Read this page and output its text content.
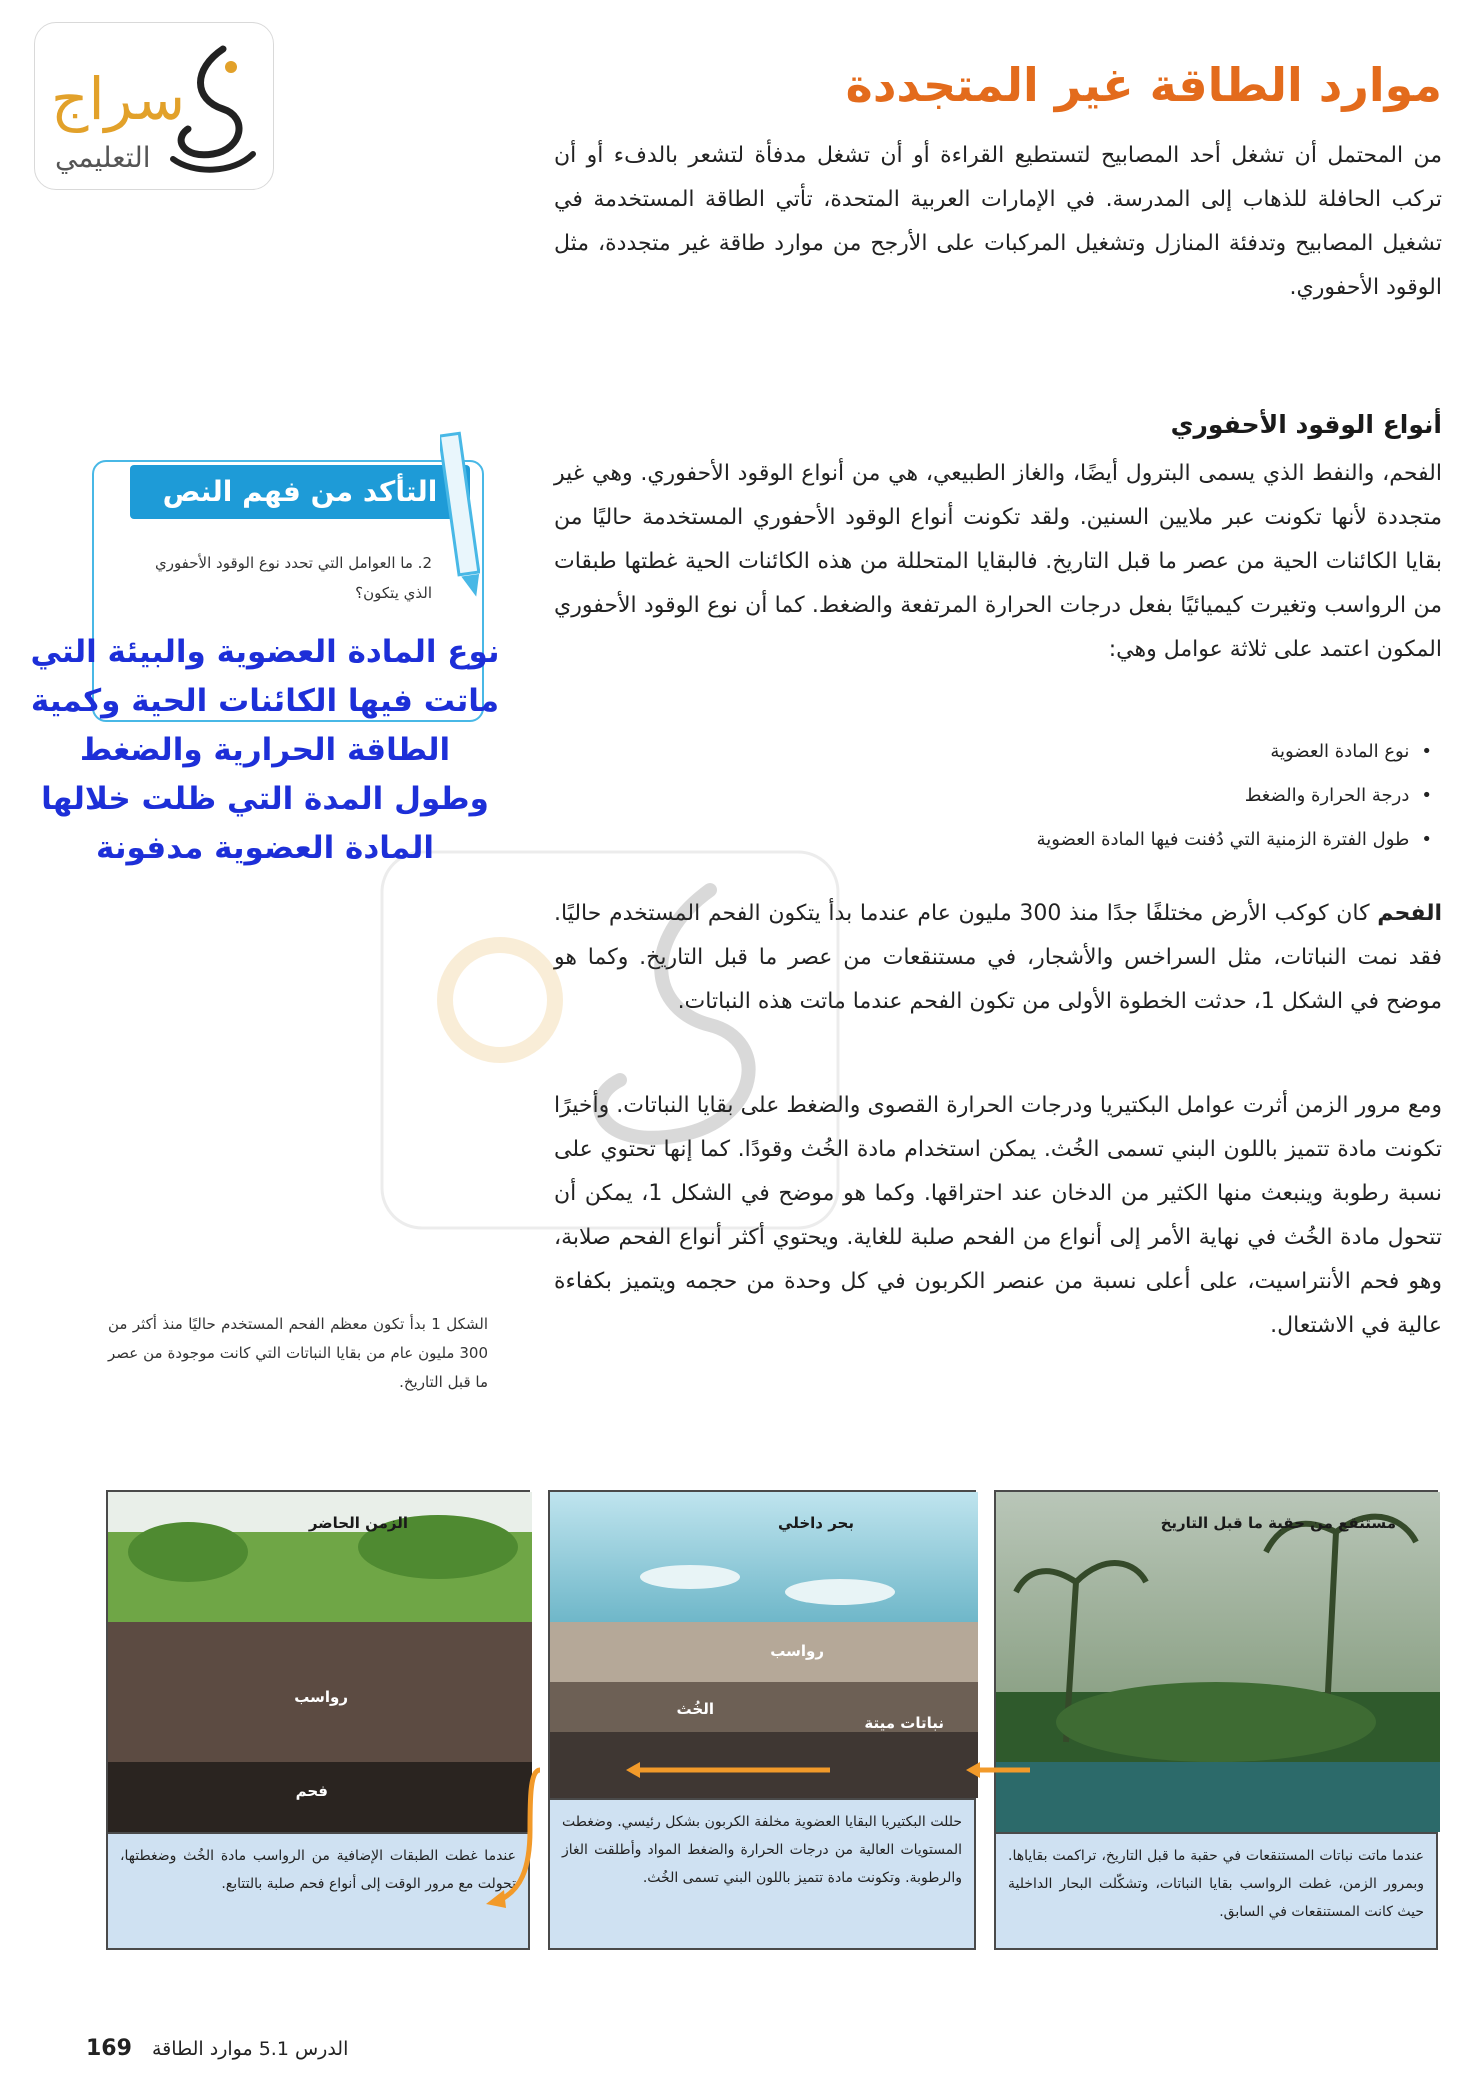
سراج
التعليمي
موارد الطاقة غير المتجددة
من المحتمل أن تشغل أحد المصابيح لتستطيع القراءة أو أن تشغل مدفأة لتشعر بالدفء أو أن تركب الحافلة للذهاب إلى المدرسة. في الإمارات العربية المتحدة، تأتي الطاقة المستخدمة في تشغيل المصابيح وتدفئة المنازل وتشغيل المركبات على الأرجح من موارد طاقة غير متجددة، مثل الوقود الأحفوري.
أنواع الوقود الأحفوري
الفحم، والنفط الذي يسمى البترول أيضًا، والغاز الطبيعي، هي من أنواع الوقود الأحفوري. وهي غير متجددة لأنها تكونت عبر ملايين السنين. ولقد تكونت أنواع الوقود الأحفوري المستخدمة حاليًا من بقايا الكائنات الحية من عصر ما قبل التاريخ. فالبقايا المتحللة من هذه الكائنات الحية غطتها طبقات من الرواسب وتغيرت كيميائيًا بفعل درجات الحرارة المرتفعة والضغط. كما أن نوع الوقود الأحفوري المكون اعتمد على ثلاثة عوامل وهي:
• نوع المادة العضوية
• درجة الحرارة والضغط
• طول الفترة الزمنية التي دُفنت فيها المادة العضوية
الفحم كان كوكب الأرض مختلفًا جدًا منذ 300 مليون عام عندما بدأ يتكون الفحم المستخدم حاليًا. فقد نمت النباتات، مثل السراخس والأشجار، في مستنقعات من عصر ما قبل التاريخ. وكما هو موضح في الشكل 1، حدثت الخطوة الأولى من تكون الفحم عندما ماتت هذه النباتات.
ومع مرور الزمن أثرت عوامل البكتيريا ودرجات الحرارة القصوى والضغط على بقايا النباتات. وأخيرًا تكونت مادة تتميز باللون البني تسمى الخُث. يمكن استخدام مادة الخُث وقودًا. كما إنها تحتوي على نسبة رطوبة وينبعث منها الكثير من الدخان عند احتراقها. وكما هو موضح في الشكل 1، يمكن أن تتحول مادة الخُث في نهاية الأمر إلى أنواع من الفحم صلبة للغاية. ويحتوي أكثر أنواع الفحم صلابة، وهو فحم الأنتراسيت، على أعلى نسبة من عنصر الكربون في كل وحدة من حجمه ويتميز بكفاءة عالية في الاشتعال.
التأكد من فهم النص
2. ما العوامل التي تحدد نوع الوقود الأحفوري الذي يتكون؟
نوع المادة العضوية والبيئة التي ماتت فيها الكائنات الحية وكمية الطاقة الحرارية والضغط وطول المدة التي ظلت خلالها المادة العضوية مدفونة
الشكل 1 بدأ تكون معظم الفحم المستخدم حاليًا منذ أكثر من 300 مليون عام من بقايا النباتات التي كانت موجودة من عصر ما قبل التاريخ.
مستنقع من حقبة ما قبل التاريخ
عندما ماتت نباتات المستنقعات في حقبة ما قبل التاريخ، تراكمت بقاياها. وبمرور الزمن، غطت الرواسب بقايا النباتات، وتشكّلت البحار الداخلية حيث كانت المستنقعات في السابق.
بحر داخلي
رواسب
الخُث
نباتات ميتة
حللت البكتيريا البقايا العضوية مخلفة الكربون بشكل رئيسي. وضغطت المستويات العالية من درجات الحرارة والضغط المواد وأطلقت الغاز والرطوبة. وتكونت مادة تتميز باللون البني تسمى الخُث.
الزمن الحاضر
رواسب
فحم
عندما غطت الطبقات الإضافية من الرواسب مادة الخُث وضغطتها، تحولت مع مرور الوقت إلى أنواع فحم صلبة بالتتابع.
169 الدرس 5.1 موارد الطاقة
